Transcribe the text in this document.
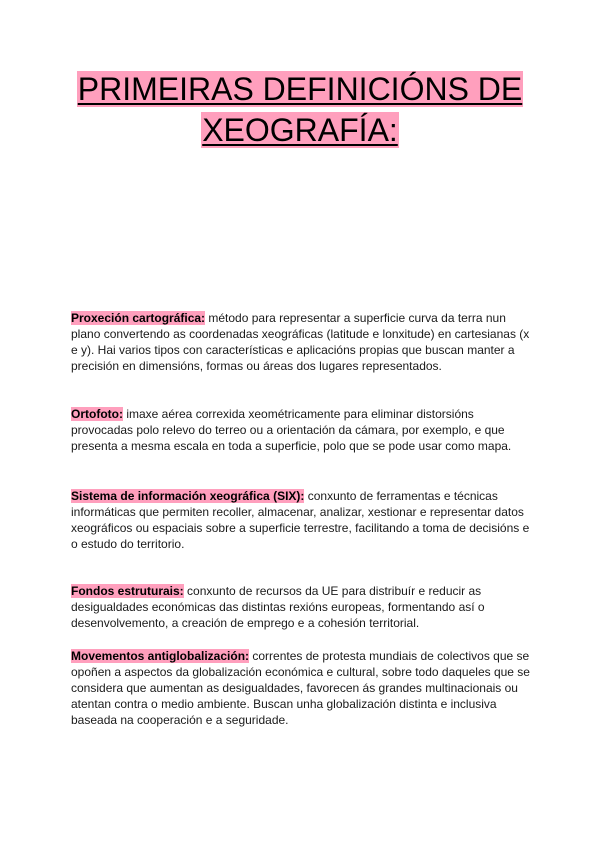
PRIMEIRAS DEFINICIÓNS DE
XEOGRAFÍA:

Proxeción cartográfica: método para representar a superficie curva da terra nun plano convertendo as coordenadas xeográficas (latitude e lonxitude) en cartesianas (x e y). Hai varios tipos con características e aplicacións propias que buscan manter a precisión en dimensións, formas ou áreas dos lugares representados.

Ortofoto: imaxe aérea correxida xeométricamente para eliminar distorsións provocadas polo relevo do terreo ou a orientación da cámara, por exemplo, e que presenta a mesma escala en toda a superficie, polo que se pode usar como mapa.

Sistema de información xeográfica (SIX): conxunto de ferramentas e técnicas informáticas que permiten recoller, almacenar, analizar, xestionar e representar datos xeográficos ou espaciais sobre a superficie terrestre, facilitando a toma de decisións e o estudo do territorio.

Fondos estruturais: conxunto de recursos da UE para distribuír e reducir as desigualdades económicas das distintas rexións europeas, formentando así o desenvolvemento, a creación de emprego e a cohesión territorial.

Movementos antiglobalización: correntes de protesta mundiais de colectivos que se opoñen a aspectos da globalización económica e cultural, sobre todo daqueles que se considera que aumentan as desigualdades, favorecen ás grandes multinacionais ou atentan contra o medio ambiente. Buscan unha globalización distinta e inclusiva baseada na cooperación e a seguridade.
